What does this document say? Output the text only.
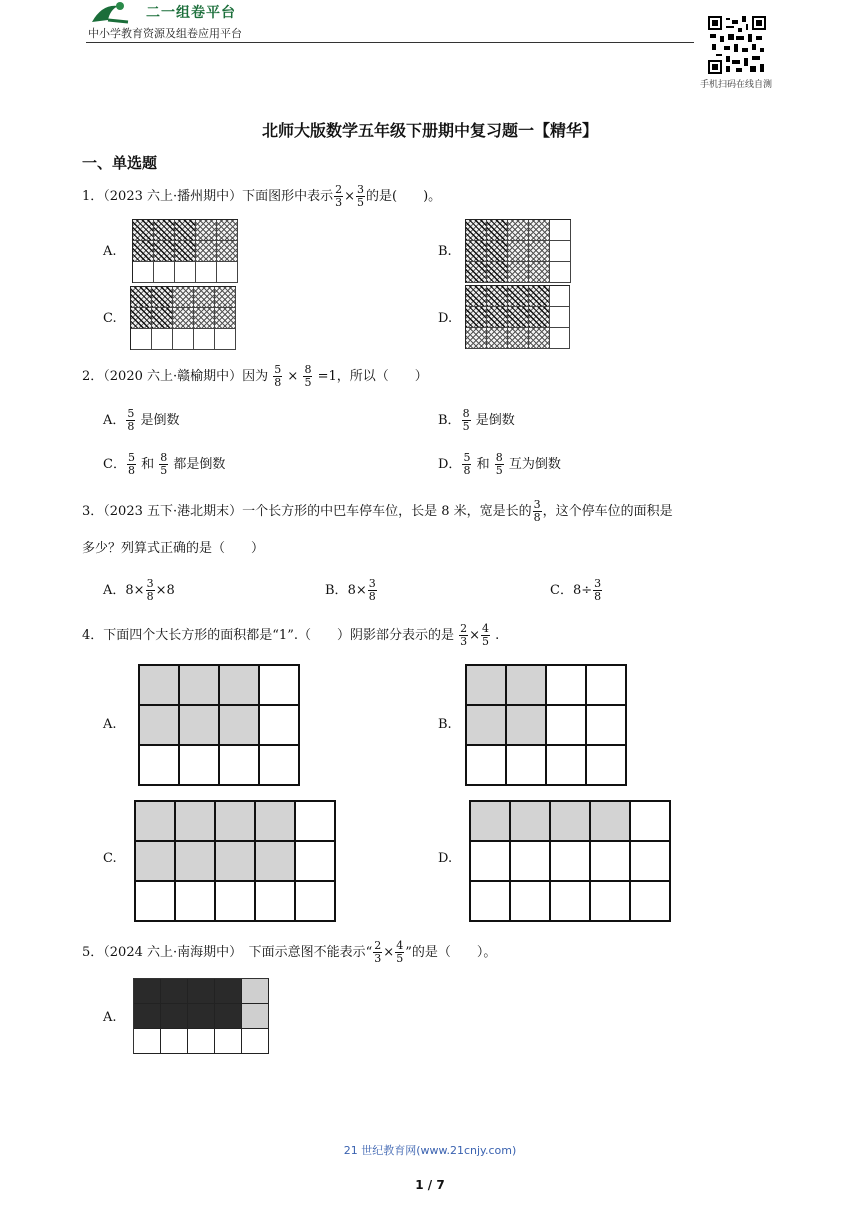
二一组卷平台
中小学教育资源及组卷应用平台
手机扫码在线自测
北师大版数学五年级下册期中复习题一【精华】
一、单选题
1．（2023 六上·播州期中）下面图形中表示 $\frac{2}{3} \times \frac{3}{5}$ 的是(　　)。
A.	B.
C.	D.
2．（2020 六上·赣榆期中）因为 $\frac{5}{8} \times \frac{8}{5} =1$，所以（　　）
A． $\frac{5}{8}$ 是倒数	B． $\frac{8}{5}$ 是倒数
C． $\frac{5}{8}$ 和 $\frac{8}{5}$ 都是倒数	D． $\frac{5}{8}$ 和 $\frac{8}{5}$ 互为倒数
3．（2023 五下·港北期末）一个长方形的中巴车停车位，长是 8 米，宽是长的 $\frac{3}{8}$ ，这个停车位的面积是
多少？列算式正确的是（　　）
A．$8\times \frac{3}{8} \times 8$	B．$8\times \frac{3}{8}$	C．$8\div \frac{3}{8}$
4．下面四个大长方形的面积都是“1”.（　　）阴影部分表示的是 $\frac{2}{3} \times \frac{4}{5}$ .
A.	B.
C.	D.
5．（2024 六上·南海期中）　下面示意图不能表示“ $\frac{2}{3} \times \frac{4}{5}$ ”的是（　　）。
A.
21 世纪教育网(www.21cnjy.com)
1 / 7
